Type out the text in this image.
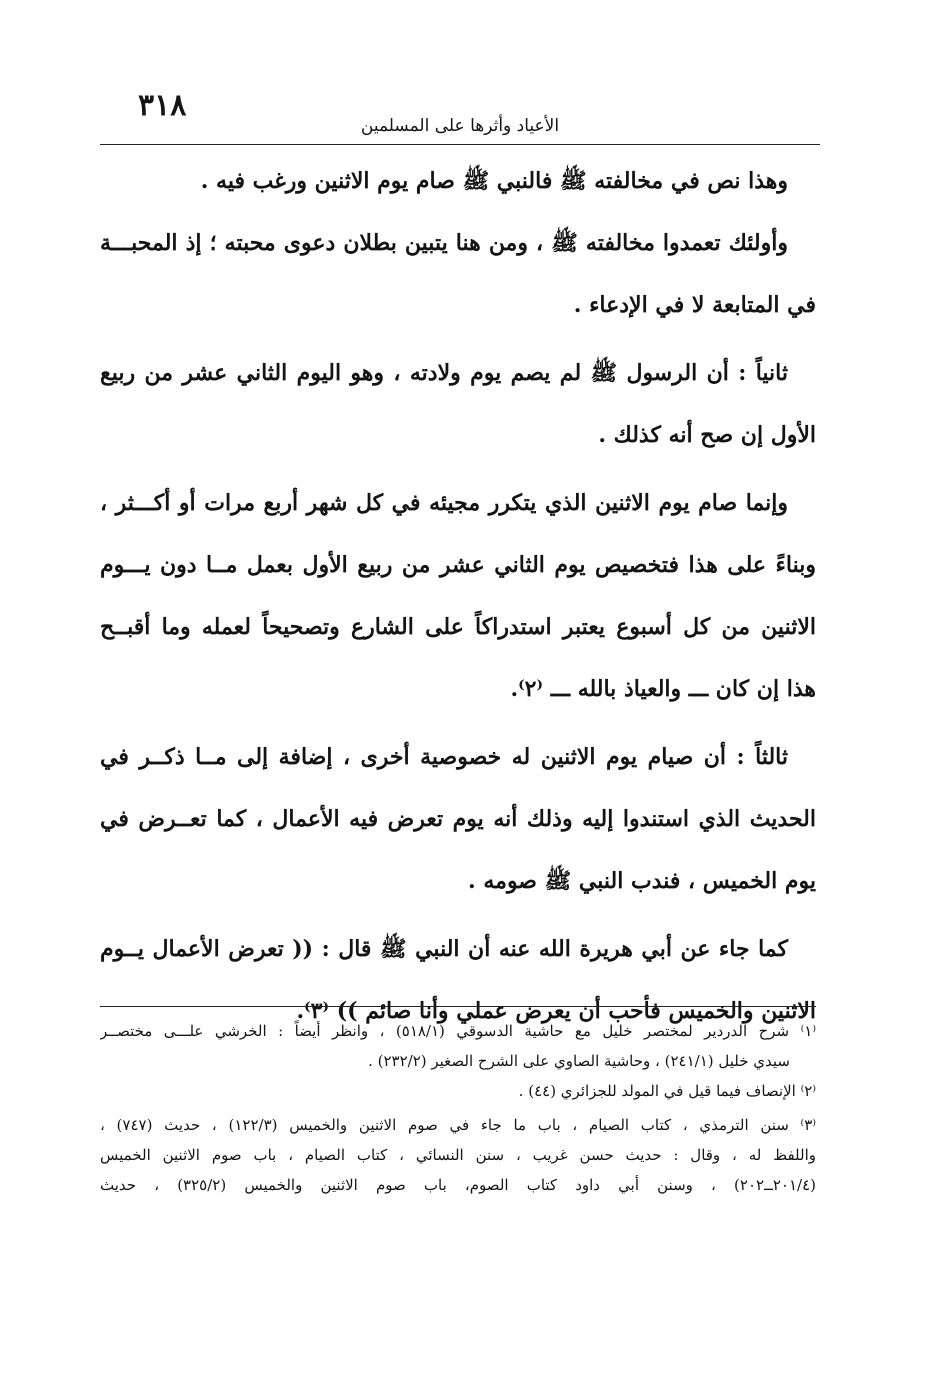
٣١٨
الأعياد وأثرها على المسلمين
وهذا نص في مخالفته ﷺ فالنبي ﷺ صام يوم الاثنين ورغب فيه .
وأولئك تعمدوا مخالفته ﷺ ، ومن هنا يتبين بطلان دعوى محبته ؛ إذ المحبـــة
في المتابعة لا في الإدعاء .
ثانياً : أن الرسول ﷺ لم يصم يوم ولادته ، وهو اليوم الثاني عشر من ربيع
الأول إن صح أنه كذلك .
وإنما صام يوم الاثنين الذي يتكرر مجيئه في كل شهر أربع مرات أو أكـــثر ،
وبناءً على هذا فتخصيص يوم الثاني عشر من ربيع الأول بعمل مــا دون يـــوم
الاثنين من كل أسبوع يعتبر استدراكاً على الشارع وتصحيحاً لعمله وما أقبــح
هذا إن كان ـــ والعياذ بالله ـــ ⁽٢⁾.
ثالثاً : أن صيام يوم الاثنين له خصوصية أخرى ، إضافة إلى مــا ذكــر في
الحديث الذي استندوا إليه وذلك أنه يوم تعرض فيه الأعمال ، كما تعــرض في
يوم الخميس ، فندب النبي ﷺ صومه .
كما جاء عن أبي هريرة الله عنه أن النبي ﷺ قال : (( تعرض الأعمال يــوم
الاثنين والخميس فأحب أن يعرض عملي وأنا صائم )) ⁽٣⁾.
⁽١⁾ شرح الدردير لمختصر خليل مع حاشية الدسوقي (٥١٨/١) ، وانظر أيضاً : الخرشي علـــى مختصــر
سيدي خليل (٢٤١/١) ، وحاشية الصاوي على الشرح الصغير (٢٣٢/٢) .
⁽٢⁾ الإنصاف فيما قيل في المولد للجزائري (٤٤) .
⁽٣⁾ سنن الترمذي ، كتاب الصيام ، باب ما جاء في صوم الاثنين والخميس (١٢٢/٣) ، حديث (٧٤٧) ،
واللفظ له ، وقال : حديث حسن غريب ، سنن النسائي ، كتاب الصيام ، باب صوم الاثنين الخميس
(٢٠١/٤ــ٢٠٢) ، وسنن أبي داود كتاب الصوم، باب صوم الاثنين والخميس (٣٢٥/٢) ، حديث
